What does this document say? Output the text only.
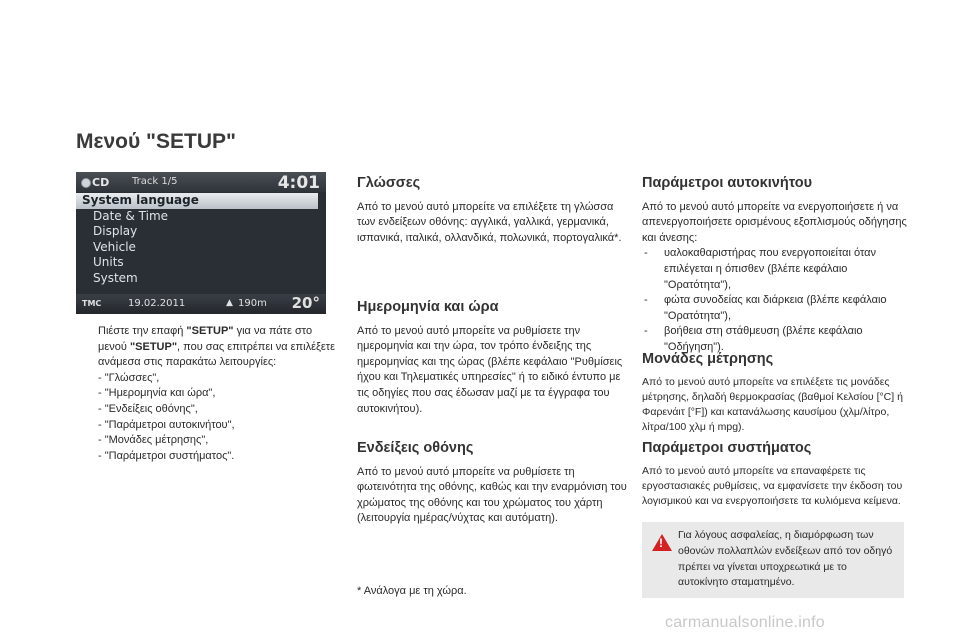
Μενού "SETUP"
CD Track 1/5	4:01
System language
Date & Time
Display
Vehicle
Units
System
TMC	19.02.2011	▲ 190m 20°
Πιέστε την επαφή "SETUP" για να πάτε στο μενού "SETUP", που σας επιτρέπει να επιλέξετε ανάμεσα στις παρακάτω λειτουργίες:
- "Γλώσσες",
- "Ημερομηνία και ώρα",
- "Ενδείξεις οθόνης",
- "Παράμετροι αυτοκινήτου",
- "Μονάδες μέτρησης",
- "Παράμετροι συστήματος".
Γλώσσες

Από το μενού αυτό μπορείτε να επιλέξετε τη γλώσσα των ενδείξεων οθόνης: αγγλικά, γαλλικά, γερμανικά, ισπανικά, ιταλικά, ολλανδικά, πολωνικά, πορτογαλικά*.

Ημερομηνία και ώρα

Από το μενού αυτό μπορείτε να ρυθμίσετε την ημερομηνία και την ώρα, τον τρόπο ένδειξης της ημερομηνίας και της ώρας (βλέπε κεφάλαιο "Ρυθμίσεις ήχου και Τηλεματικές υπηρεσίες" ή το ειδικό έντυπο με τις οδηγίες που σας έδωσαν μαζί με τα έγγραφα του αυτοκινήτου).

Ενδείξεις οθόνης

Από το μενού αυτό μπορείτε να ρυθμίσετε τη φωτεινότητα της οθόνης, καθώς και την εναρμόνιση του χρώματος της οθόνης και του χρώματος του χάρτη (λειτουργία ημέρας/νύχτας και αυτόματη).

* Ανάλογα με τη χώρα.

Παράμετροι αυτοκινήτου

Από το μενού αυτό μπορείτε να ενεργοποιήσετε ή να απενεργοποιήσετε ορισμένους εξοπλισμούς οδήγησης και άνεσης:

- υαλοκαθαριστήρας που ενεργοποιείται όταν επιλέγεται η όπισθεν (βλέπε κεφάλαιο "Ορατότητα"),
- φώτα συνοδείας και διάρκεια (βλέπε κεφάλαιο "Ορατότητα"),
- βοήθεια στη στάθμευση (βλέπε κεφάλαιο "Οδήγηση").
Μονάδες μέτρησης

Από το μενού αυτό μπορείτε να επιλέξετε τις μονάδες μέτρησης, δηλαδή θερμοκρασίας (βαθμοί Κελσίου [°C] ή Φαρενάιτ [°F]) και κατανάλωσης καυσίμου (χλμ/λίτρο, λίτρα/100 χλμ ή mpg).

Παράμετροι συστήματος

Από το μενού αυτό μπορείτε να επαναφέρετε τις εργοστασιακές ρυθμίσεις, να εμφανίσετε την έκδοση του λογισμικού και να ενεργοποιήσετε τα κυλιόμενα κείμενα.

!

Για λόγους ασφαλείας, η διαμόρφωση των οθονών πολλαπλών ενδείξεων από τον οδηγό πρέπει να γίνεται υποχρεωτικά με το αυτοκίνητο σταματημένο.

carmanualsonline.info
